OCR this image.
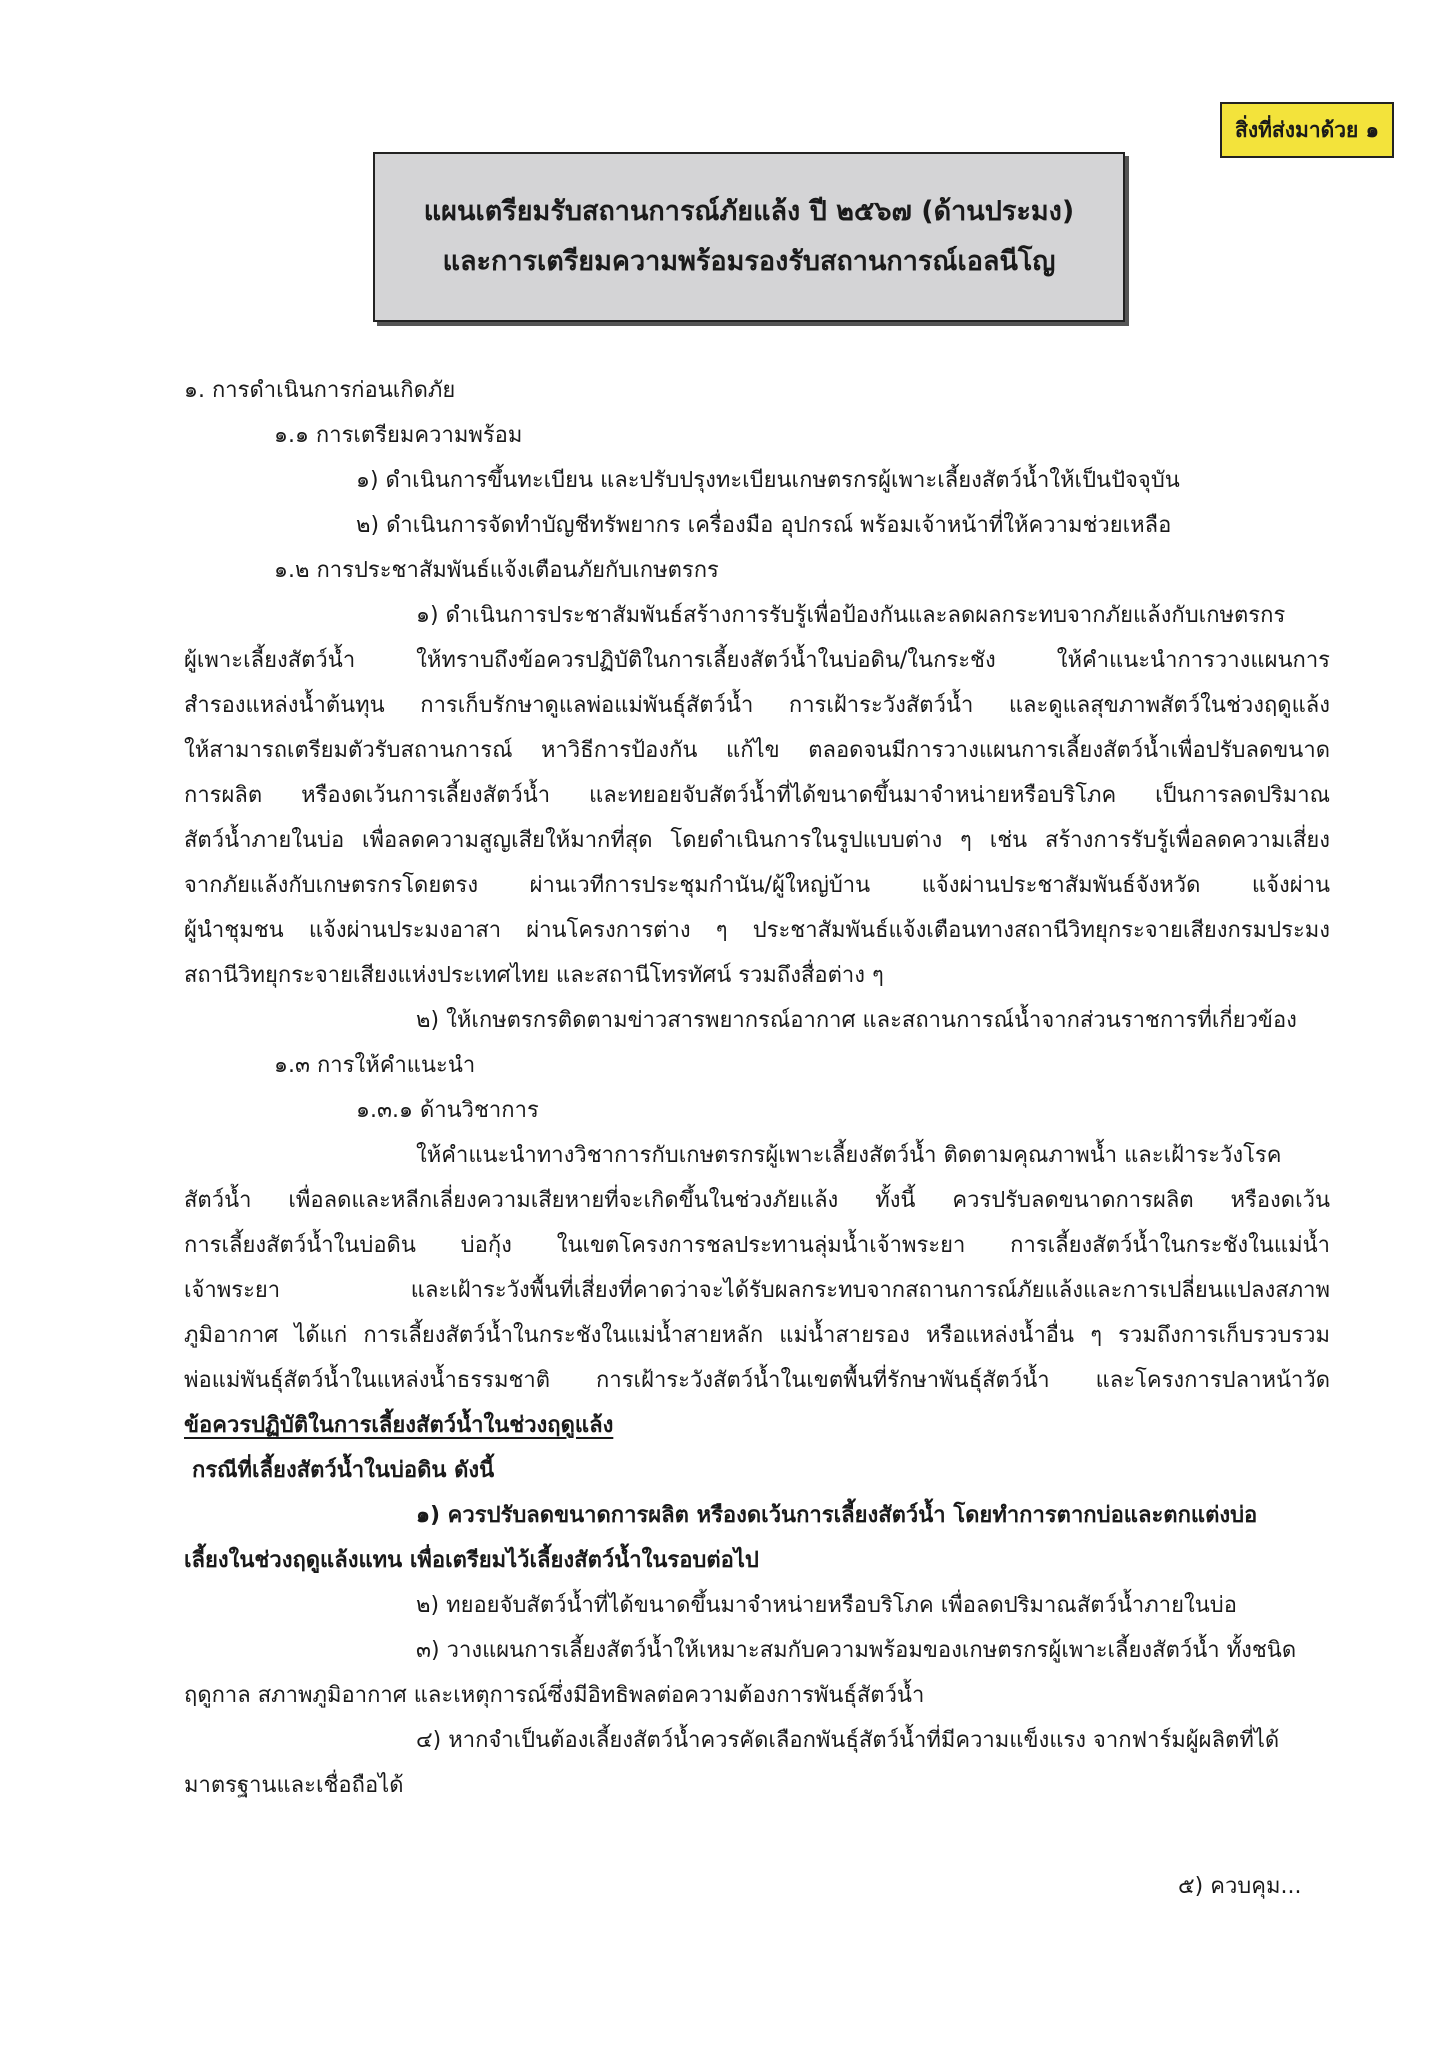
สิ่งที่ส่งมาด้วย ๑
แผนเตรียมรับสถานการณ์ภัยแล้ง ปี ๒๕๖๗ (ด้านประมง)
และการเตรียมความพร้อมรองรับสถานการณ์เอลนีโญ
๑. การดำเนินการก่อนเกิดภัย
๑.๑ การเตรียมความพร้อม
๑) ดำเนินการขึ้นทะเบียน และปรับปรุงทะเบียนเกษตรกรผู้เพาะเลี้ยงสัตว์น้ำให้เป็นปัจจุบัน
๒) ดำเนินการจัดทำบัญชีทรัพยากร เครื่องมือ อุปกรณ์ พร้อมเจ้าหน้าที่ให้ความช่วยเหลือ
๑.๒ การประชาสัมพันธ์แจ้งเตือนภัยกับเกษตรกร
๑) ดำเนินการประชาสัมพันธ์สร้างการรับรู้เพื่อป้องกันและลดผลกระทบจากภัยแล้งกับเกษตรกร
ผู้เพาะเลี้ยงสัตว์น้ำ ให้ทราบถึงข้อควรปฏิบัติในการเลี้ยงสัตว์น้ำในบ่อดิน/ในกระชัง ให้คำแนะนำการวางแผนการ
สำรองแหล่งน้ำต้นทุน การเก็บรักษาดูแลพ่อแม่พันธุ์สัตว์น้ำ การเฝ้าระวังสัตว์น้ำ และดูแลสุขภาพสัตว์ในช่วงฤดูแล้ง
ให้สามารถเตรียมตัวรับสถานการณ์ หาวิธีการป้องกัน แก้ไข ตลอดจนมีการวางแผนการเลี้ยงสัตว์น้ำเพื่อปรับลดขนาด
การผลิต หรืองดเว้นการเลี้ยงสัตว์น้ำ และทยอยจับสัตว์น้ำที่ได้ขนาดขึ้นมาจำหน่ายหรือบริโภค เป็นการลดปริมาณ
สัตว์น้ำภายในบ่อ เพื่อลดความสูญเสียให้มากที่สุด โดยดำเนินการในรูปแบบต่าง ๆ เช่น สร้างการรับรู้เพื่อลดความเสี่ยง
จากภัยแล้งกับเกษตรกรโดยตรง ผ่านเวทีการประชุมกำนัน/ผู้ใหญ่บ้าน แจ้งผ่านประชาสัมพันธ์จังหวัด แจ้งผ่าน
ผู้นำชุมชน แจ้งผ่านประมงอาสา ผ่านโครงการต่าง ๆ ประชาสัมพันธ์แจ้งเตือนทางสถานีวิทยุกระจายเสียงกรมประมง
สถานีวิทยุกระจายเสียงแห่งประเทศไทย และสถานีโทรทัศน์ รวมถึงสื่อต่าง ๆ
๒) ให้เกษตรกรติดตามข่าวสารพยากรณ์อากาศ และสถานการณ์น้ำจากส่วนราชการที่เกี่ยวข้อง
๑.๓ การให้คำแนะนำ
๑.๓.๑ ด้านวิชาการ
ให้คำแนะนำทางวิชาการกับเกษตรกรผู้เพาะเลี้ยงสัตว์น้ำ ติดตามคุณภาพน้ำ และเฝ้าระวังโรค
สัตว์น้ำ เพื่อลดและหลีกเลี่ยงความเสียหายที่จะเกิดขึ้นในช่วงภัยแล้ง ทั้งนี้ ควรปรับลดขนาดการผลิต หรืองดเว้น
การเลี้ยงสัตว์น้ำในบ่อดิน บ่อกุ้ง ในเขตโครงการชลประทานลุ่มน้ำเจ้าพระยา การเลี้ยงสัตว์น้ำในกระชังในแม่น้ำ
เจ้าพระยา และเฝ้าระวังพื้นที่เสี่ยงที่คาดว่าจะได้รับผลกระทบจากสถานการณ์ภัยแล้งและการเปลี่ยนแปลงสภาพ
ภูมิอากาศ ได้แก่ การเลี้ยงสัตว์น้ำในกระชังในแม่น้ำสายหลัก แม่น้ำสายรอง หรือแหล่งน้ำอื่น ๆ รวมถึงการเก็บรวบรวม
พ่อแม่พันธุ์สัตว์น้ำในแหล่งน้ำธรรมชาติ การเฝ้าระวังสัตว์น้ำในเขตพื้นที่รักษาพันธุ์สัตว์น้ำ และโครงการปลาหน้าวัด
ข้อควรปฏิบัติในการเลี้ยงสัตว์น้ำในช่วงฤดูแล้ง
กรณีที่เลี้ยงสัตว์น้ำในบ่อดิน ดังนี้
๑) ควรปรับลดขนาดการผลิต หรืองดเว้นการเลี้ยงสัตว์น้ำ โดยทำการตากบ่อและตกแต่งบ่อ
เลี้ยงในช่วงฤดูแล้งแทน เพื่อเตรียมไว้เลี้ยงสัตว์น้ำในรอบต่อไป
๒) ทยอยจับสัตว์น้ำที่ได้ขนาดขึ้นมาจำหน่ายหรือบริโภค เพื่อลดปริมาณสัตว์น้ำภายในบ่อ
๓) วางแผนการเลี้ยงสัตว์น้ำให้เหมาะสมกับความพร้อมของเกษตรกรผู้เพาะเลี้ยงสัตว์น้ำ ทั้งชนิด
ฤดูกาล สภาพภูมิอากาศ และเหตุการณ์ซึ่งมีอิทธิพลต่อความต้องการพันธุ์สัตว์น้ำ
๔) หากจำเป็นต้องเลี้ยงสัตว์น้ำควรคัดเลือกพันธุ์สัตว์น้ำที่มีความแข็งแรง จากฟาร์มผู้ผลิตที่ได้
มาตรฐานและเชื่อถือได้
๕) ควบคุม...
